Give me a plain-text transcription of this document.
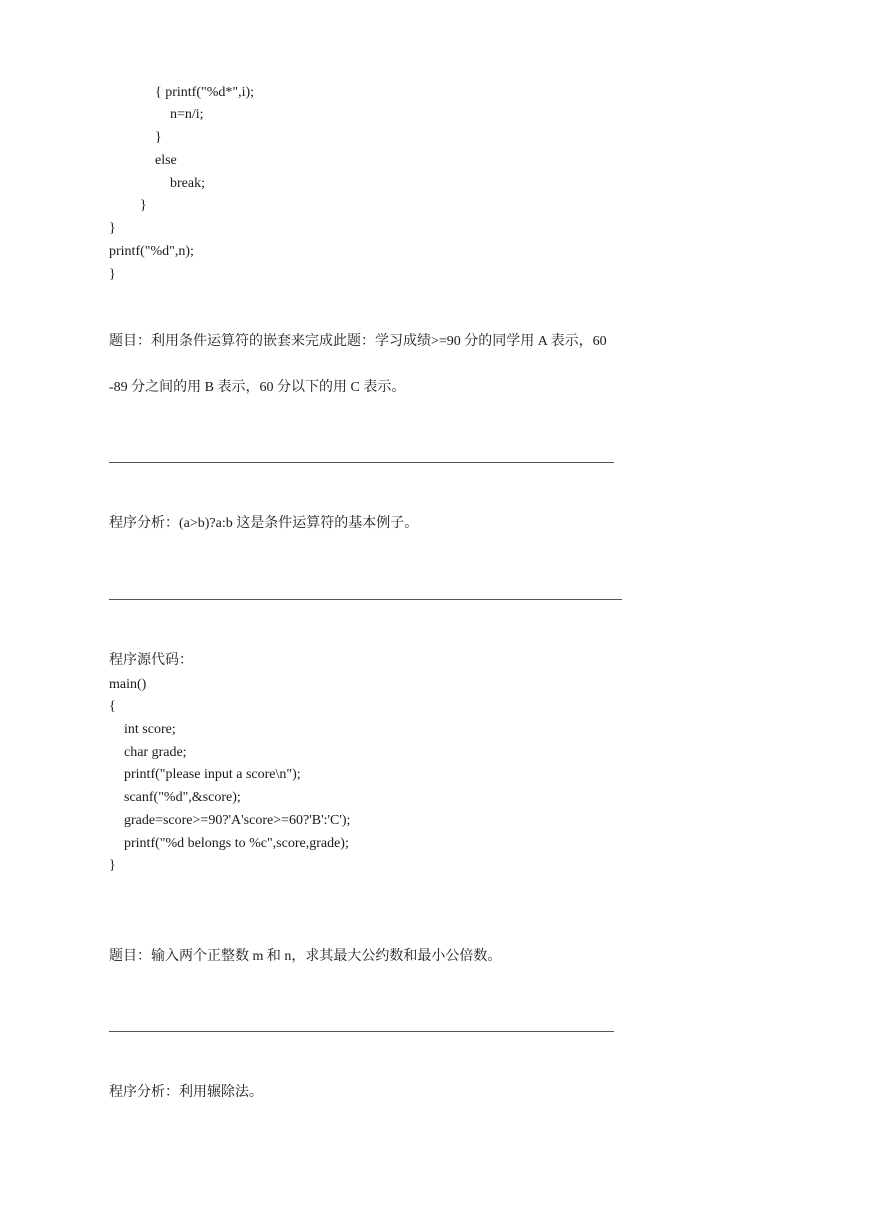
{ printf("%d*",i);
n=n/i;
}
else
break;
}
}
printf("%d",n);
}
题目：利用条件运算符的嵌套来完成此题：学习成绩>=90 分的同学用 A 表示，60
-89 分之间的用 B 表示，60 分以下的用 C 表示。
程序分析：(a>b)?a:b 这是条件运算符的基本例子。
程序源代码：
main()
{
int score;
char grade;
printf("please input a score\n");
scanf("%d",&score);
grade=score>=90?'A'score>=60?'B':'C');
printf("%d belongs to %c",score,grade);
}
题目：输入两个正整数 m 和 n，求其最大公约数和最小公倍数。
程序分析：利用辗除法。
